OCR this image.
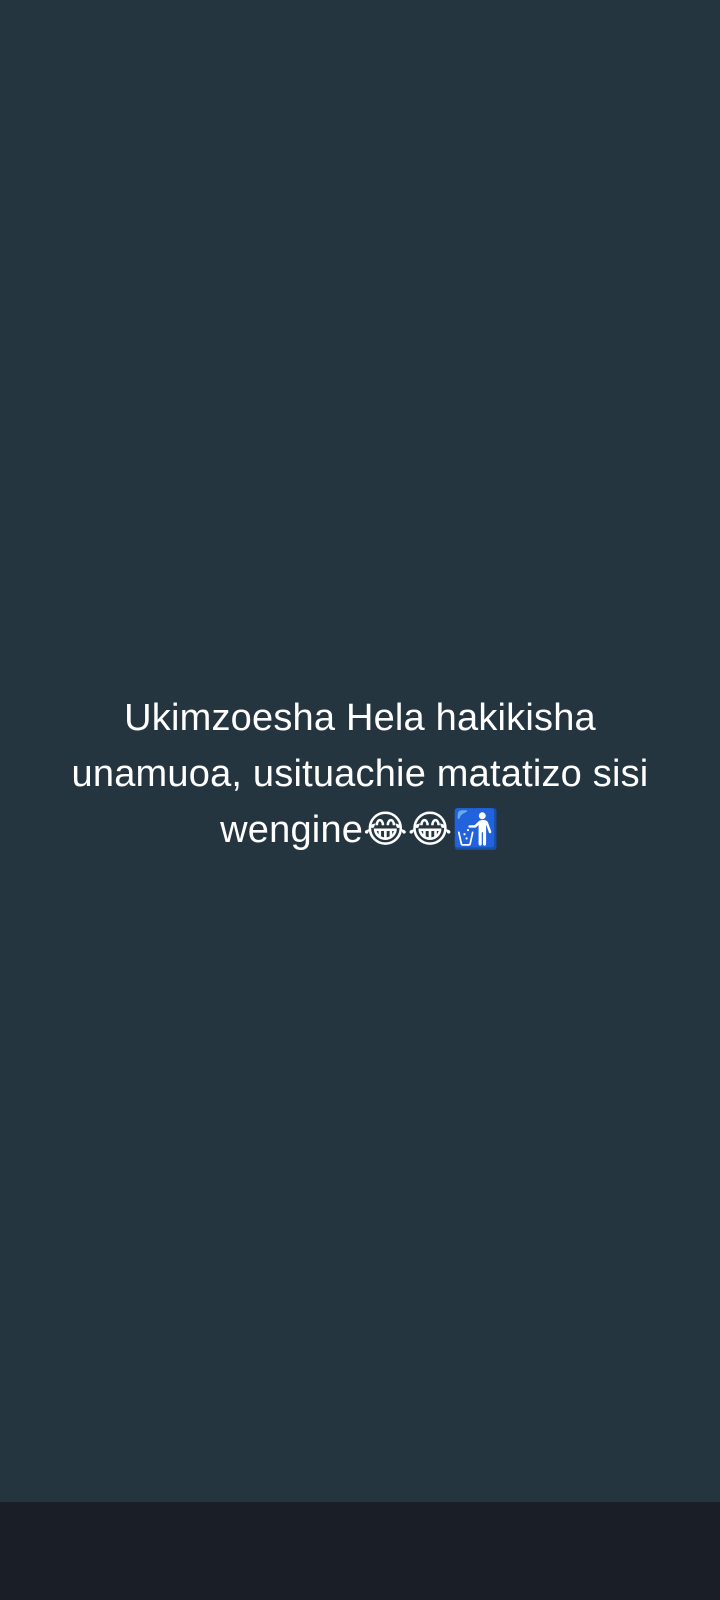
Ukimzoesha Hela hakikisha unamuoa, usituachie matatizo sisi wengine😂😂🚮
